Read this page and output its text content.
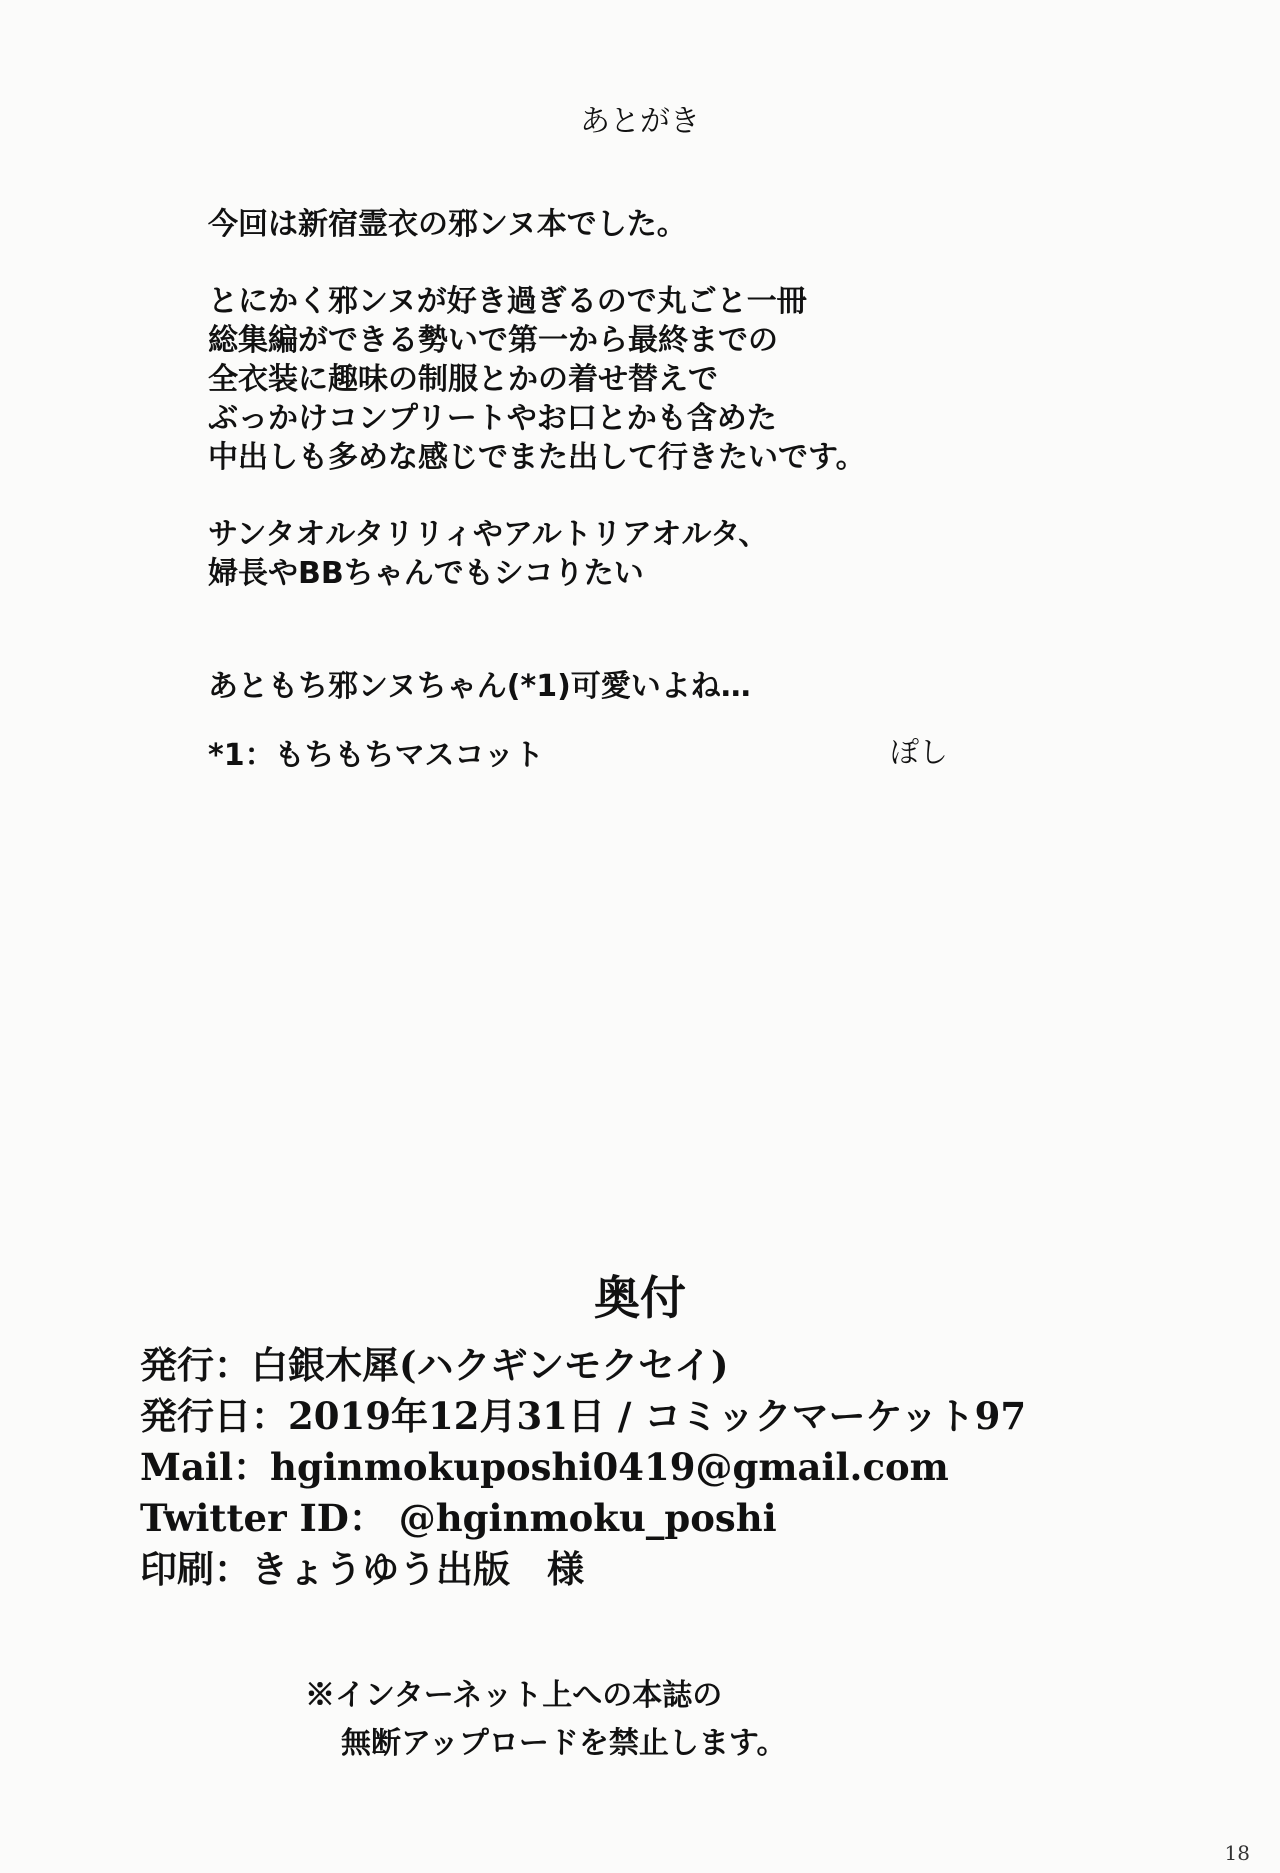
あとがき

今回は新宿霊衣の邪ンヌ本でした。

とにかく邪ンヌが好き過ぎるので丸ごと一冊
総集編ができる勢いで第一から最終までの
全衣装に趣味の制服とかの着せ替えで
ぶっかけコンプリートやお口とかも含めた
中出しも多めな感じでまた出して行きたいです。

サンタオルタリリィやアルトリアオルタ、
婦長やBBちゃんでもシコりたい

あともち邪ンヌちゃん(*1)可愛いよね…

*1：もちもちマスコット	ぽし
奥付
発行：白銀木犀(ハクギンモクセイ)
発行日：2019年12月31日 / コミックマーケット97
Mail：hginmokuposhi0419@gmail.com
Twitter ID： @hginmoku_poshi
印刷：きょうゆう出版　様
※インターネット上への本誌の
無断アップロードを禁止します。
18
